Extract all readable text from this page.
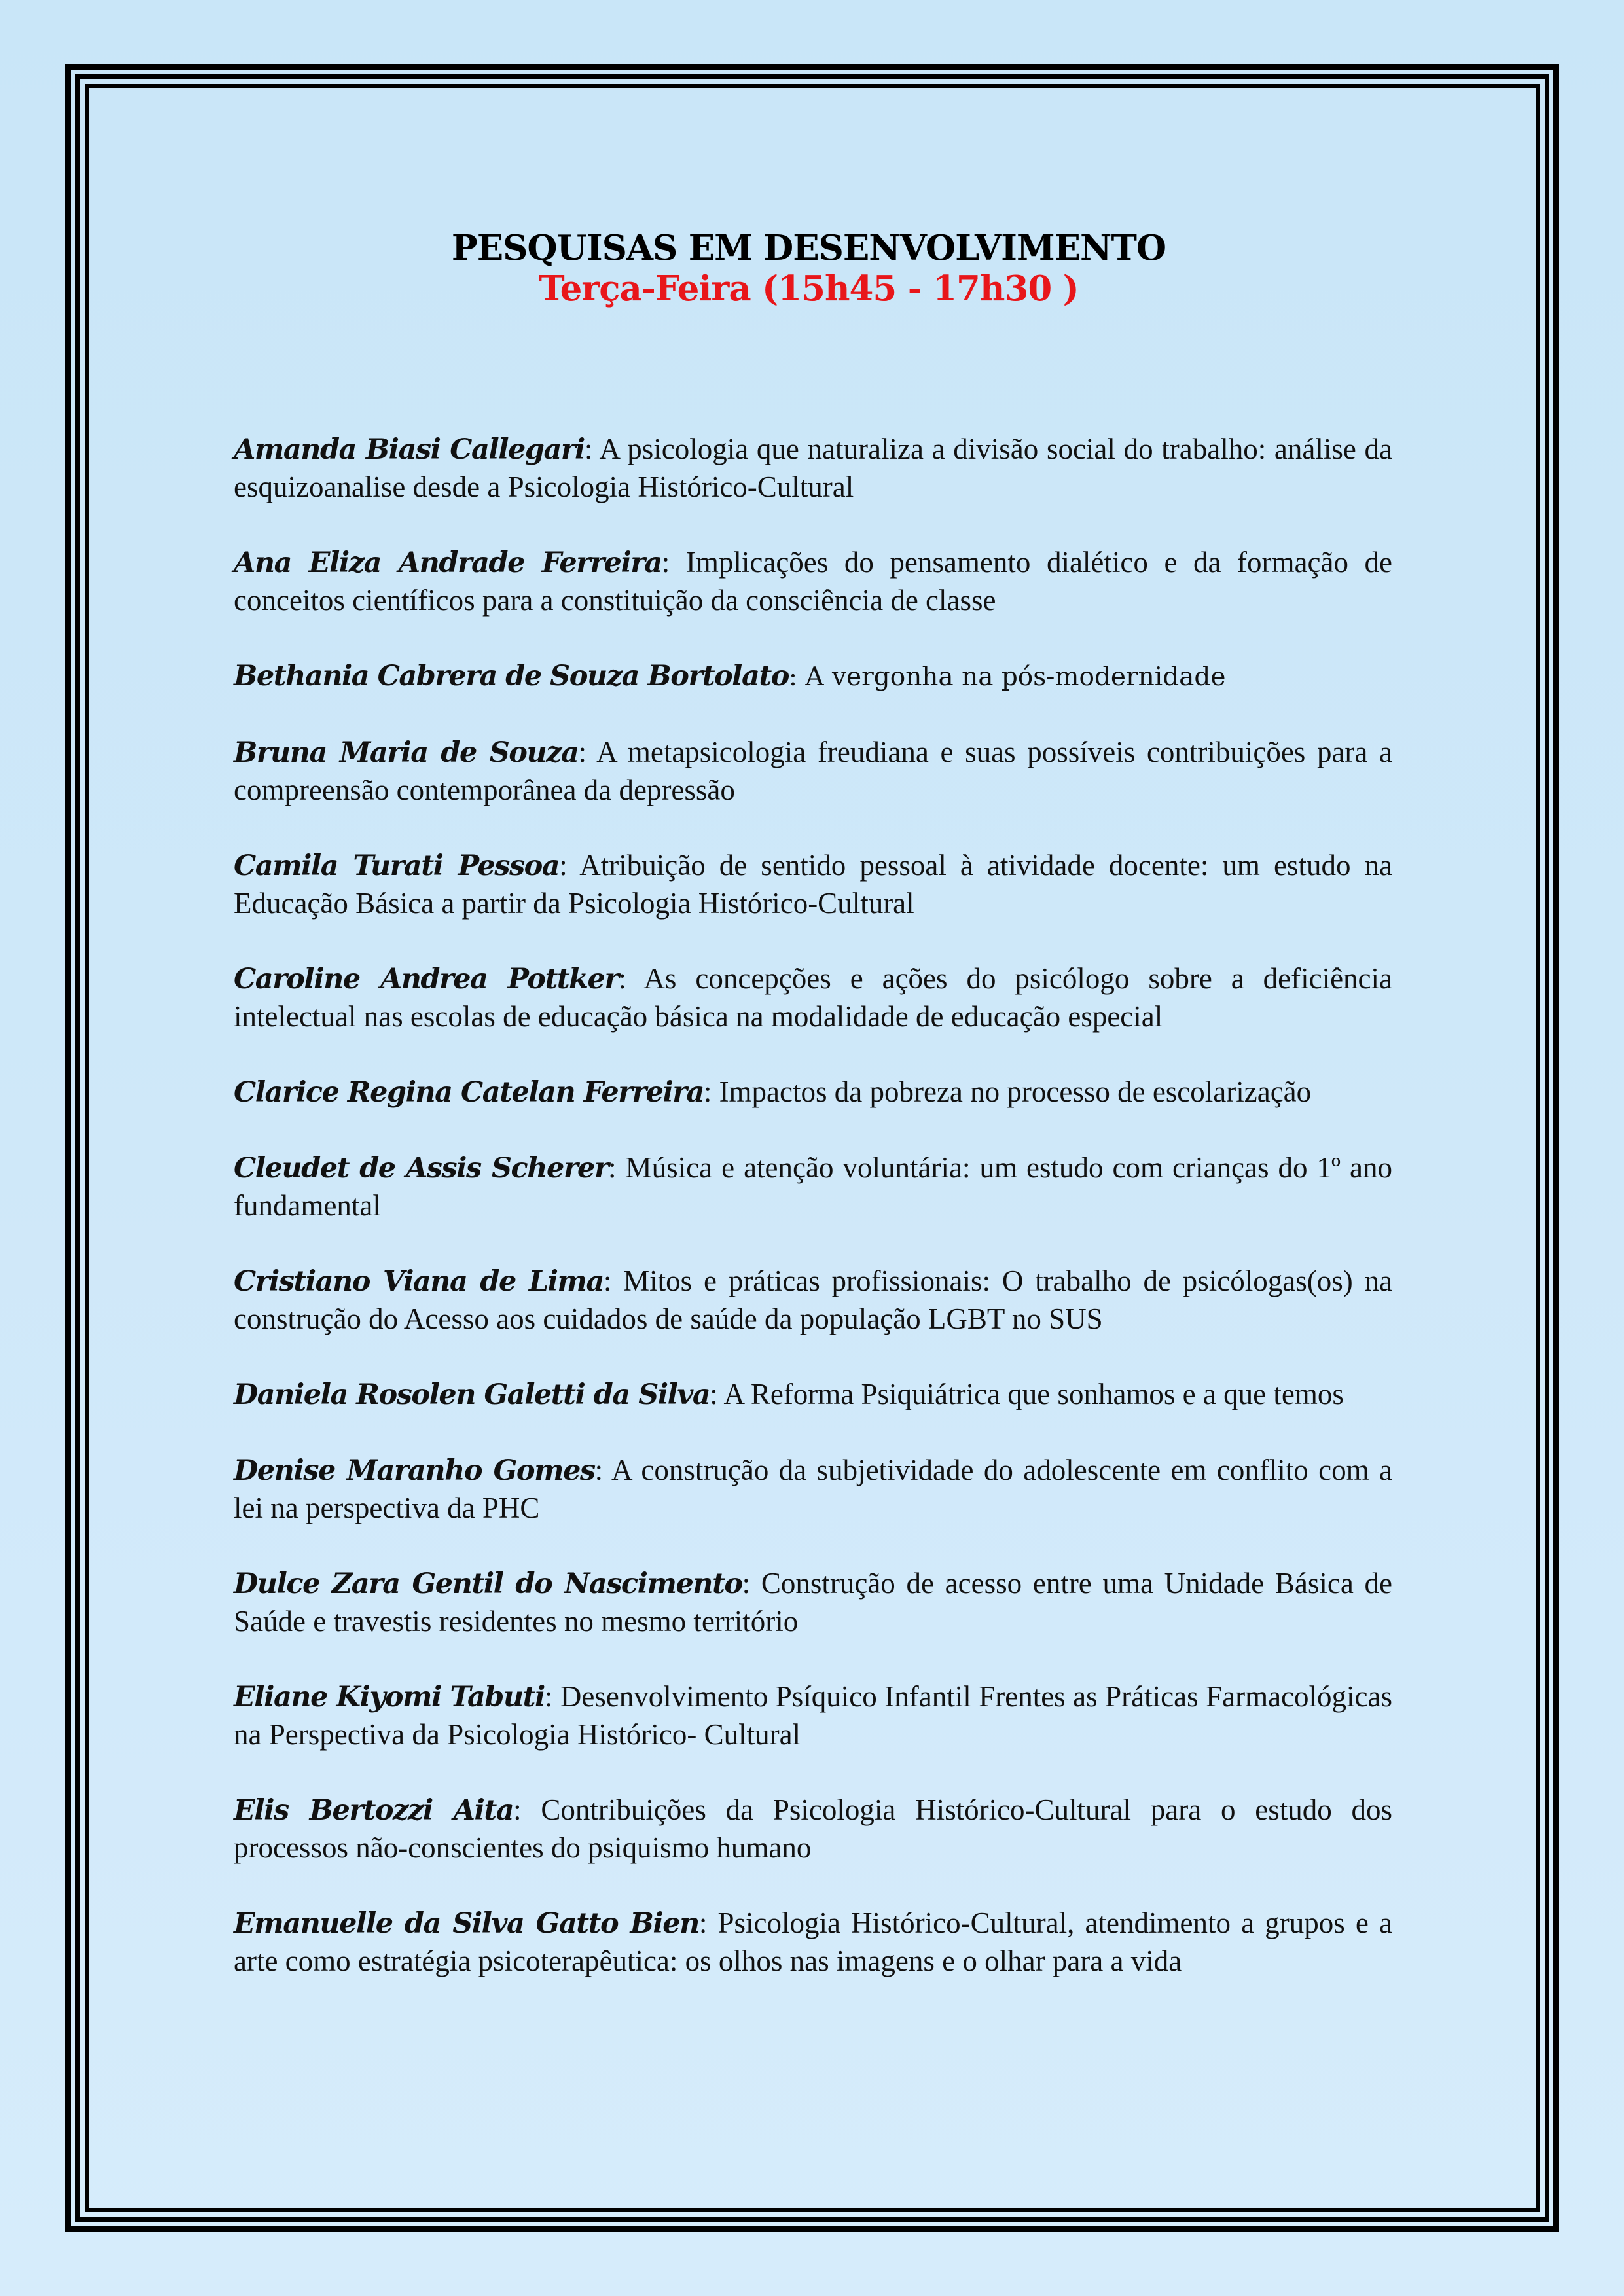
PESQUISAS EM DESENVOLVIMENTO
Terça-Feira (15h45 - 17h30 )

Amanda Biasi Callegari: A psicologia que naturaliza a divisão social do trabalho: análise da esquizoanalise desde a Psicologia Histórico-Cultural

Ana Eliza Andrade Ferreira: Implicações do pensamento dialético e da formação de conceitos científicos para a constituição da consciência de classe

Bethania Cabrera de Souza Bortolato: A vergonha na pós-modernidade

Bruna Maria de Souza: A metapsicologia freudiana e suas possíveis contribuições para a compreensão contemporânea da depressão

Camila Turati Pessoa: Atribuição de sentido pessoal à atividade docente: um estudo na Educação Básica a partir da Psicologia Histórico-Cultural

Caroline Andrea Pottker: As concepções e ações do psicólogo sobre a deficiência intelectual nas escolas de educação básica na modalidade de educação especial

Clarice Regina Catelan Ferreira: Impactos da pobreza no processo de escolarização

Cleudet de Assis Scherer: Música e atenção voluntária: um estudo com crianças do 1º ano fundamental

Cristiano Viana de Lima: Mitos e práticas profissionais: O trabalho de psicólogas(os) na construção do Acesso aos cuidados de saúde da população LGBT no SUS

Daniela Rosolen Galetti da Silva: A Reforma Psiquiátrica que sonhamos e a que temos

Denise Maranho Gomes: A construção da subjetividade do adolescente em conflito com a lei na perspectiva da PHC

Dulce Zara Gentil do Nascimento: Construção de acesso entre uma Unidade Básica de Saúde e travestis residentes no mesmo território

Eliane Kiyomi Tabuti: Desenvolvimento Psíquico Infantil Frentes as Práticas Farmacológicas na Perspectiva da Psicologia Histórico- Cultural

Elis Bertozzi Aita: Contribuições da Psicologia Histórico-Cultural para o estudo dos processos não-conscientes do psiquismo humano

Emanuelle da Silva Gatto Bien: Psicologia Histórico-Cultural, atendimento a grupos e a arte como estratégia psicoterapêutica: os olhos nas imagens e o olhar para a vida
